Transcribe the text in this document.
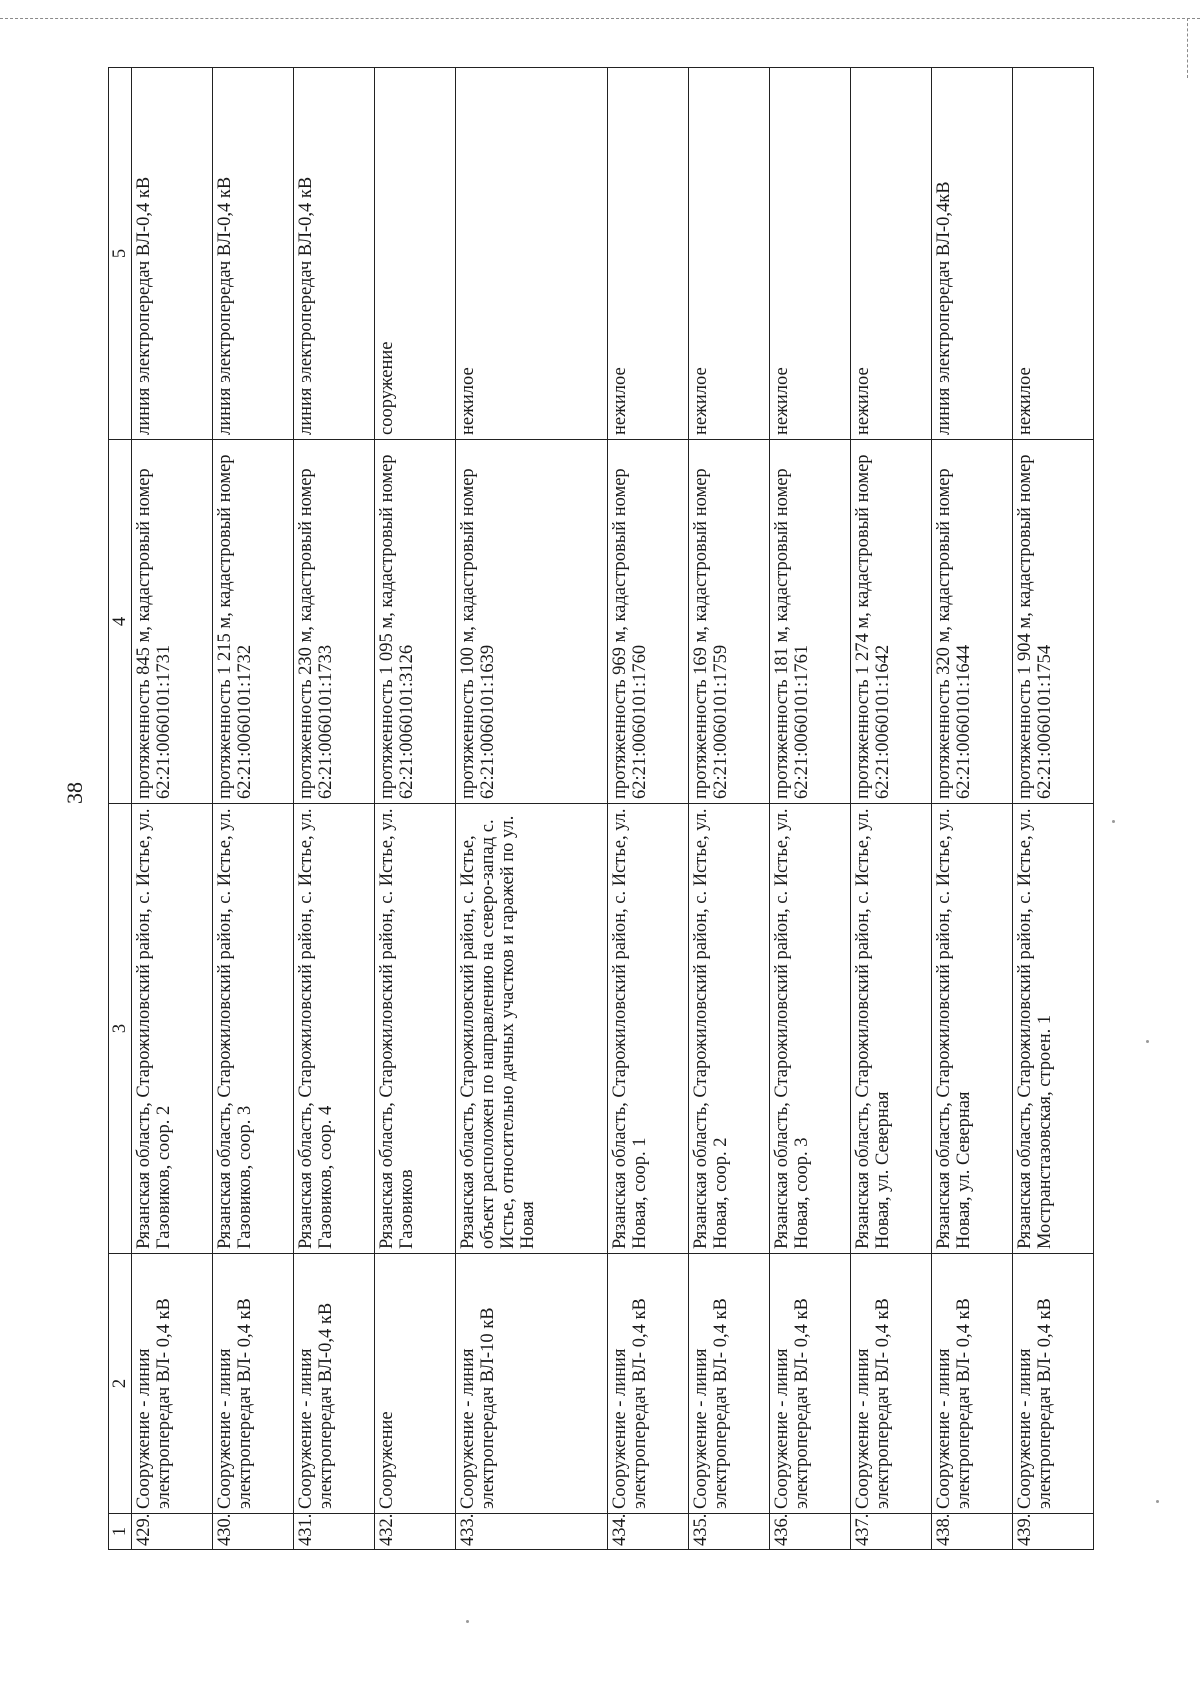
38
1	2	3	4	5
429.	Сооружение - линия электропередач ВЛ- 0,4 кВ	Рязанская область, Старожиловский район, с. Истье, ул. Газовиков, соор. 2	протяженность 845 м, кадастровый номер 62:21:0060101:1731	линия электропередач ВЛ-0,4 кВ
430.	Сооружение - линия электропередач ВЛ- 0,4 кВ	Рязанская область, Старожиловский район, с. Истье, ул. Газовиков, соор. 3	протяженность 1 215 м, кадастровый номер 62:21:0060101:1732	линия электропередач ВЛ-0,4 кВ
431.	Сооружение - линия электропередач ВЛ-0,4 кВ	Рязанская область, Старожиловский район, с. Истье, ул. Газовиков, соор. 4	протяженность 230 м, кадастровый номер 62:21:0060101:1733	линия электропередач ВЛ-0,4 кВ
432.	Сооружение	Рязанская область, Старожиловский район, с. Истье, ул. Газовиков	протяженность 1 095 м, кадастровый номер 62:21:0060101:3126	сооружение
433.	Сооружение - линия электропередач ВЛ-10 кВ	Рязанская область, Старожиловский район, с. Истье, объект расположен по направлению на северо-запад с. Истье, относительно дачных участков и гаражей по ул. Новая	протяженность 100 м, кадастровый номер 62:21:0060101:1639	нежилое
434.	Сооружение - линия электропередач ВЛ- 0,4 кВ	Рязанская область, Старожиловский район, с. Истье, ул. Новая, соор. 1	протяженность 969 м, кадастровый номер 62:21:0060101:1760	нежилое
435.	Сооружение - линия электропередач ВЛ- 0,4 кВ	Рязанская область, Старожиловский район, с. Истье, ул. Новая, соор. 2	протяженность 169 м, кадастровый номер 62:21:0060101:1759	нежилое
436.	Сооружение - линия электропередач ВЛ- 0,4 кВ	Рязанская область, Старожиловский район, с. Истье, ул. Новая, соор. 3	протяженность 181 м, кадастровый номер 62:21:0060101:1761	нежилое
437.	Сооружение - линия электропередач ВЛ- 0,4 кВ	Рязанская область, Старожиловский район, с. Истье, ул. Новая, ул. Северная	протяженность 1 274 м, кадастровый номер 62:21:0060101:1642	нежилое
438.	Сооружение - линия электропередач ВЛ- 0,4 кВ	Рязанская область, Старожиловский район, с. Истье, ул. Новая, ул. Северная	протяженность 320 м, кадастровый номер 62:21:0060101:1644	линия электропередач ВЛ-0,4кВ
439.	Сооружение - линия электропередач ВЛ- 0,4 кВ	Рязанская область, Старожиловский район, с. Истье, ул. Мостранстазовская, строен. 1	протяженность 1 904 м, кадастровый номер 62:21:0060101:1754	нежилое
